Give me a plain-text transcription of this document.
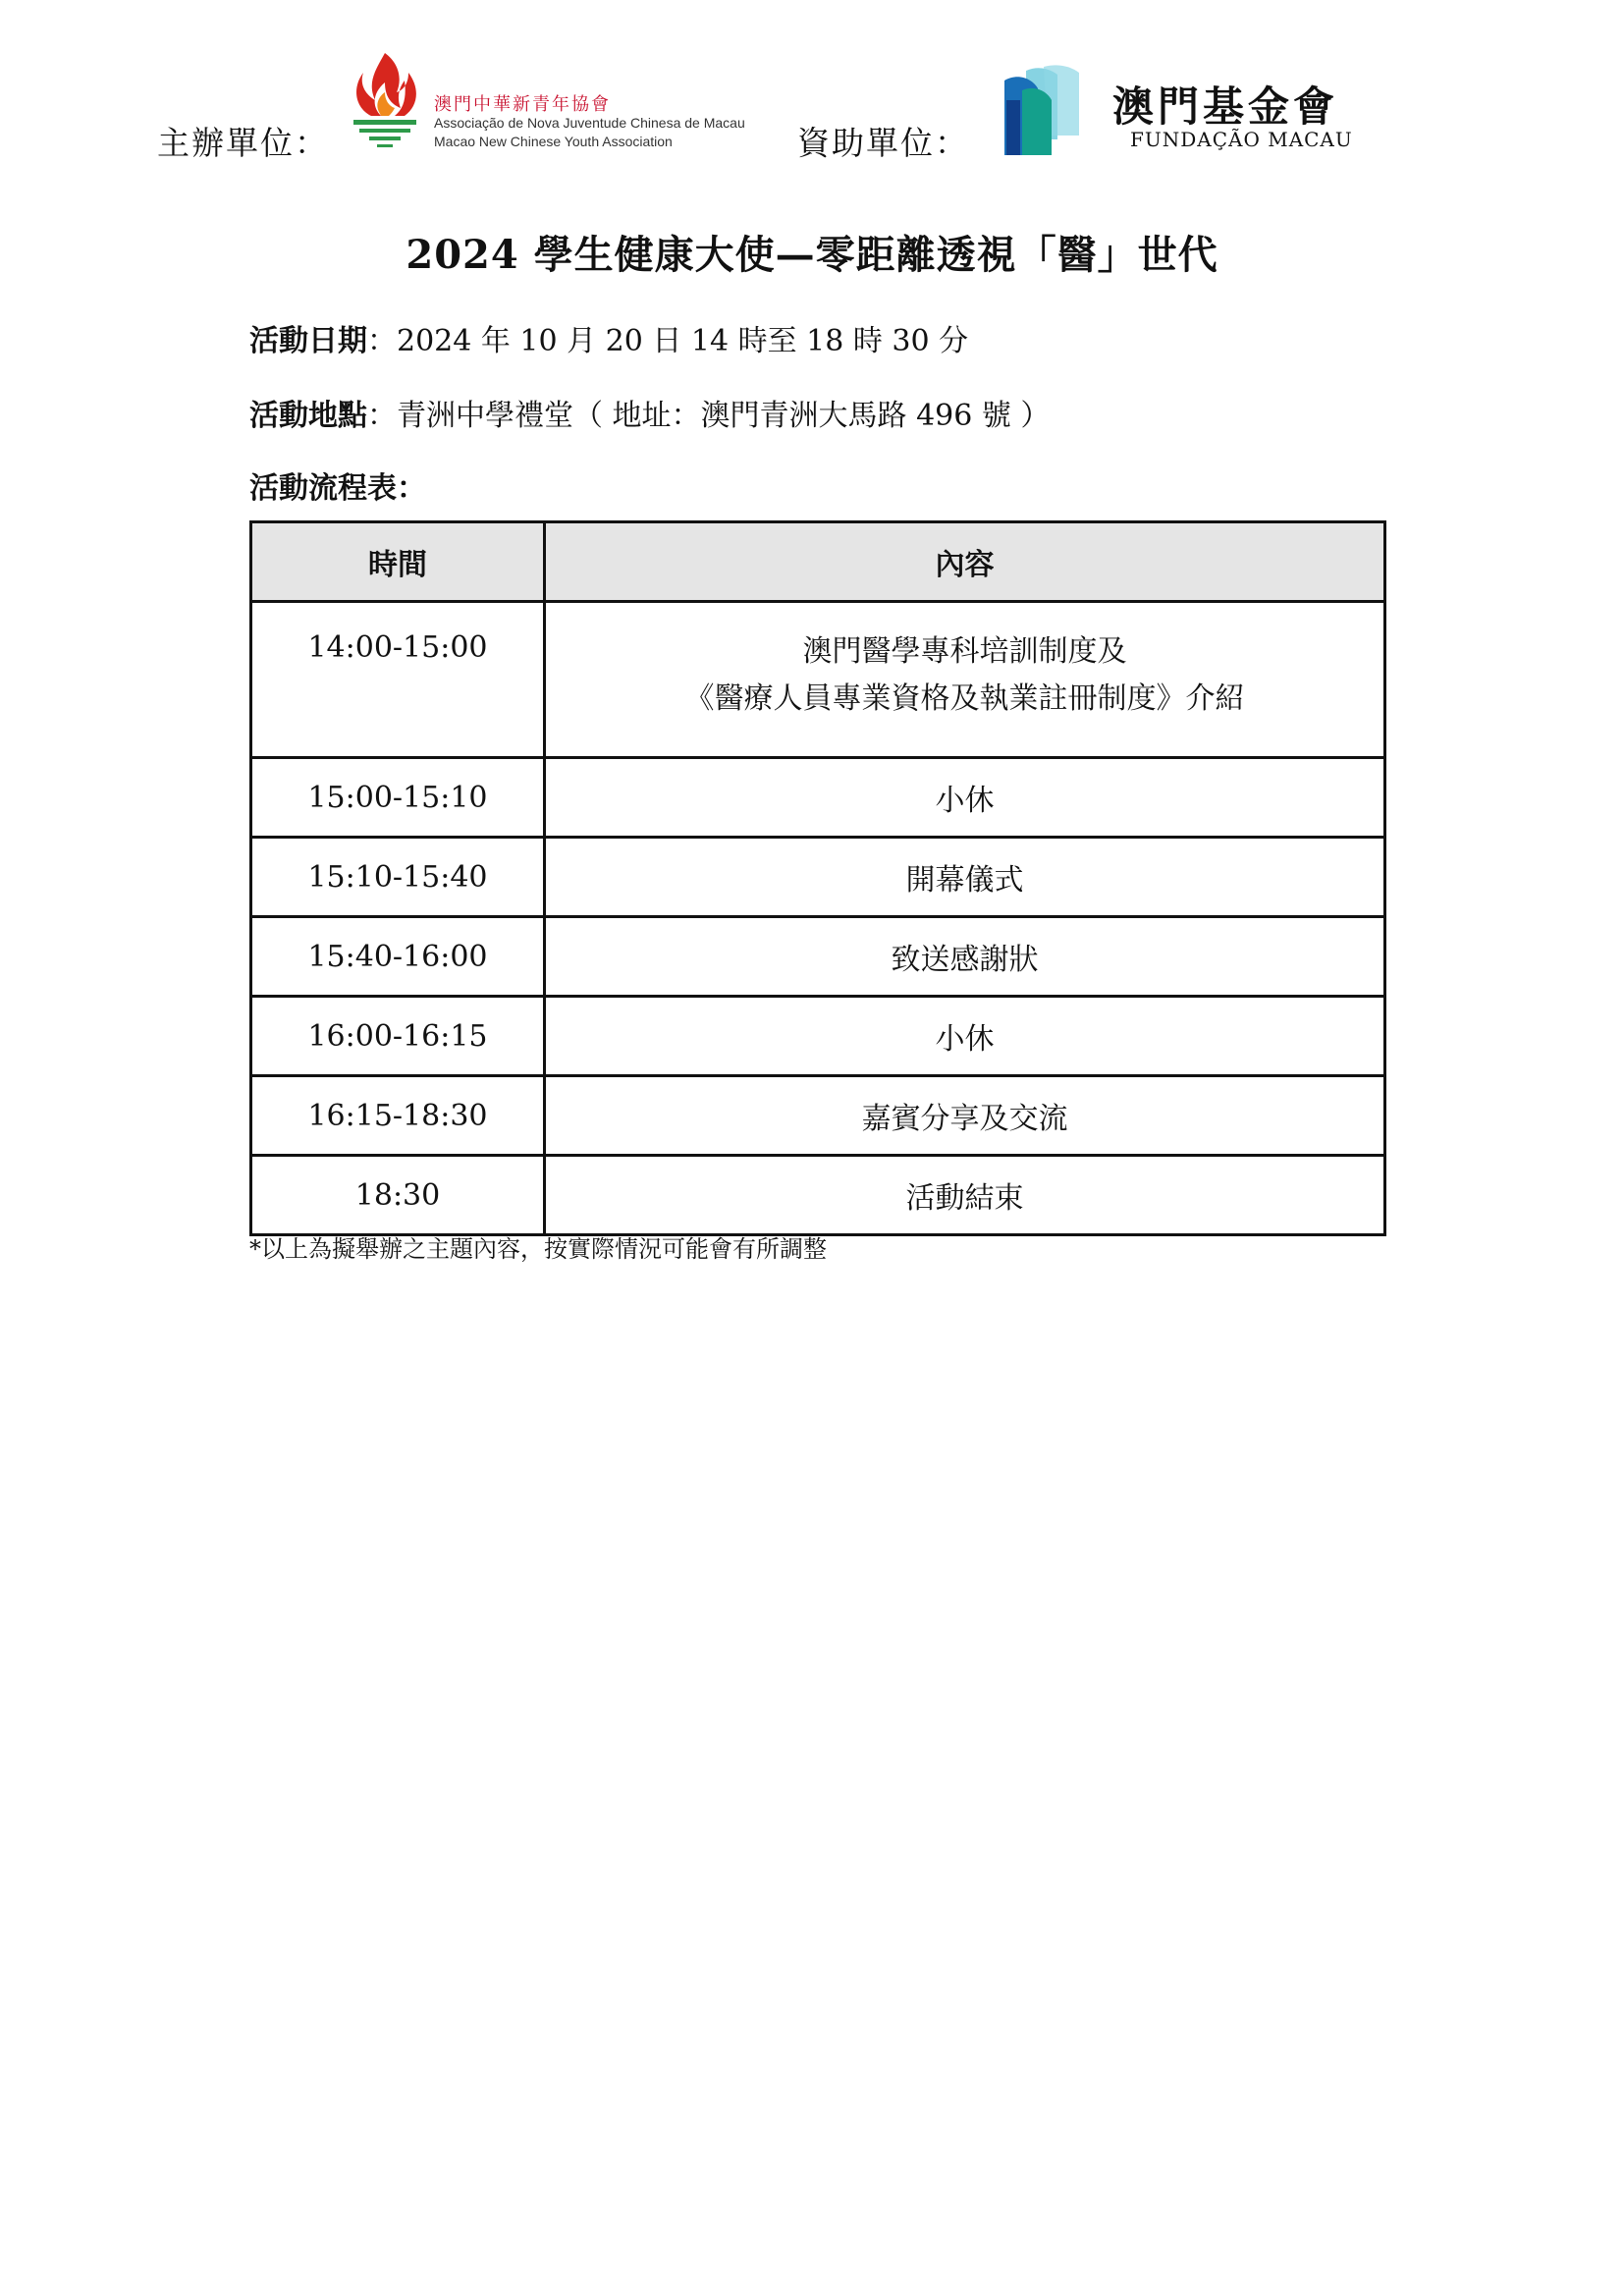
主辦單位：
澳門中華新青年協會
Associação de Nova Juventude Chinesa de Macau
Macao New Chinese Youth Association	資助單位：
澳門基金會
FUNDAÇÃO MACAU
2024 學生健康大使—零距離透視「醫」世代
活動日期：2024 年 10 月 20 日 14 時至 18 時 30 分
活動地點：青洲中學禮堂（ 地址：澳門青洲大馬路 496 號 ）
活動流程表：
時間	內容
14:00-15:00	澳門醫學專科培訓制度及
《醫療人員專業資格及執業註冊制度》介紹

15:00-15:10	小休
15:10-15:40	開幕儀式
15:40-16:00	致送感謝狀
16:00-16:15	小休
16:15-18:30	嘉賓分享及交流
18:30	活動結束
*以上為擬舉辦之主題內容，按實際情況可能會有所調整
